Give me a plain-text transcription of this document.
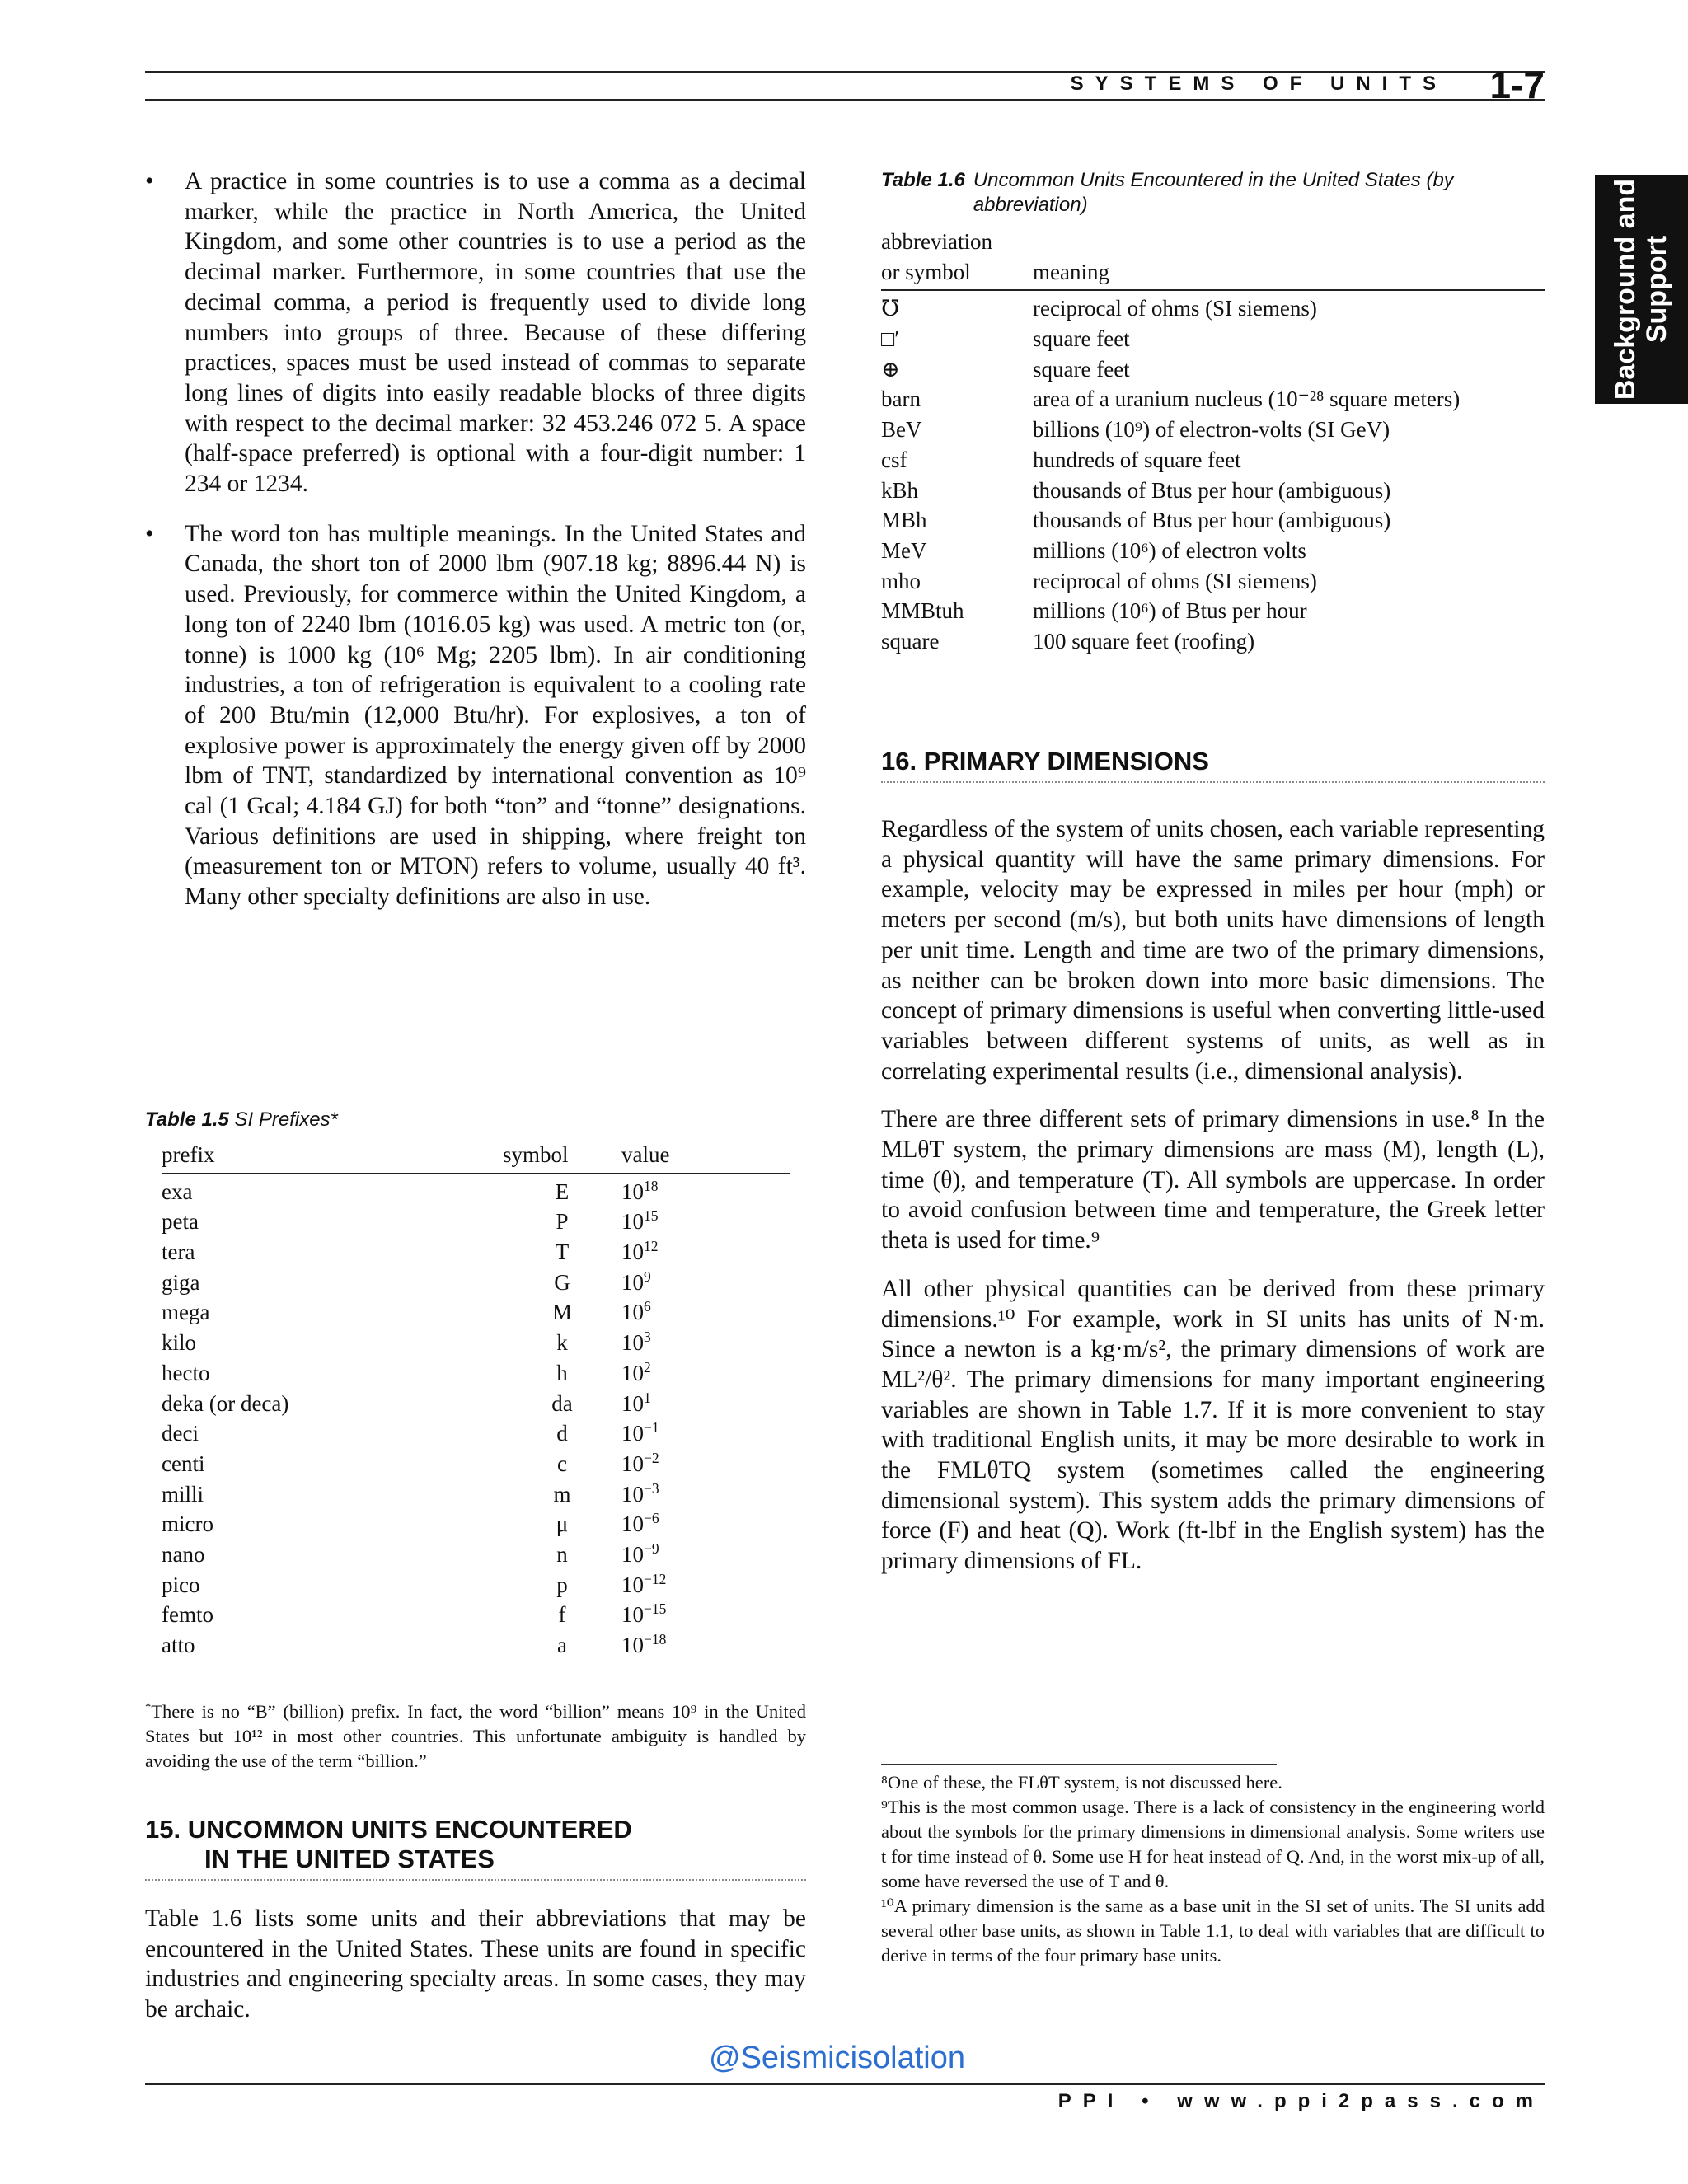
SYSTEMS OF UNITS 1-7
Background and Support
• A practice in some countries is to use a comma as a decimal marker, while the practice in North America, the United Kingdom, and some other countries is to use a period as the decimal marker. Furthermore, in some countries that use the decimal comma, a period is frequently used to divide long numbers into groups of three. Because of these differing practices, spaces must be used instead of commas to separate long lines of digits into easily readable blocks of three digits with respect to the decimal marker: 32 453.246 072 5. A space (half-space preferred) is optional with a four-digit number: 1 234 or 1234.
• The word ton has multiple meanings. In the United States and Canada, the short ton of 2000 lbm (907.18 kg; 8896.44 N) is used. Previously, for commerce within the United Kingdom, a long ton of 2240 lbm (1016.05 kg) was used. A metric ton (or, tonne) is 1000 kg (10⁶ Mg; 2205 lbm). In air conditioning industries, a ton of refrigeration is equivalent to a cooling rate of 200 Btu/min (12,000 Btu/hr). For explosives, a ton of explosive power is approximately the energy given off by 2000 lbm of TNT, standardized by international convention as 10⁹ cal (1 Gcal; 4.184 GJ) for both “ton” and “tonne” designations. Various definitions are used in shipping, where freight ton (measurement ton or MTON) refers to volume, usually 40 ft³. Many other specialty definitions are also in use.
Table 1.5 SI Prefixes*
prefix	symbol	value
exa	E	$10^{18}$
peta	P	$10^{15}$
tera	T	$10^{12}$
giga	G	$10^9$
mega	M	$10^6$
kilo	k	$10^3$
hecto	h	$10^2$
deka (or deca)	da	$10^1$
deci	d	$10^{-1}$
centi	c	$10^{-2}$
milli	m	$10^{-3}$
micro	μ	$10^{-6}$
nano	n	$10^{-9}$
pico	p	$10^{-12}$
femto	f	$10^{-15}$
atto	a	$10^{-18}$
*There is no “B” (billion) prefix. In fact, the word “billion” means 10⁹ in the United States but 10¹² in most other countries. This unfortunate ambiguity is handled by avoiding the use of the term “billion.”
15. UNCOMMON UNITS ENCOUNTERED
IN THE UNITED STATES

Table 1.6 lists some units and their abbreviations that may be encountered in the United States. These units are found in specific industries and engineering specialty areas. In some cases, they may be archaic.

Table 1.6 Uncommon Units Encountered in the United States (by abbreviation)
abbreviation	
or symbol	meaning
℧	reciprocal of ohms (SI siemens)
□′	square feet
⊕	square feet
barn	area of a uranium nucleus (10⁻²⁸ square meters)
BeV	billions (10⁹) of electron-volts (SI GeV)
csf	hundreds of square feet
kBh	thousands of Btus per hour (ambiguous)
MBh	thousands of Btus per hour (ambiguous)
MeV	millions (10⁶) of electron volts
mho	reciprocal of ohms (SI siemens)
MMBtuh	millions (10⁶) of Btus per hour
square	100 square feet (roofing)
16. PRIMARY DIMENSIONS

Regardless of the system of units chosen, each variable representing a physical quantity will have the same primary dimensions. For example, velocity may be expressed in miles per hour (mph) or meters per second (m/s), but both units have dimensions of length per unit time. Length and time are two of the primary dimensions, as neither can be broken down into more basic dimensions. The concept of primary dimensions is useful when converting little-used variables between different systems of units, as well as in correlating experimental results (i.e., dimensional analysis).

There are three different sets of primary dimensions in use.⁸ In the MLθT system, the primary dimensions are mass (M), length (L), time (θ), and temperature (T). All symbols are uppercase. In order to avoid confusion between time and temperature, the Greek letter theta is used for time.⁹

All other physical quantities can be derived from these primary dimensions.¹⁰ For example, work in SI units has units of N·m. Since a newton is a kg·m/s², the primary dimensions of work are ML²/θ². The primary dimensions for many important engineering variables are shown in Table 1.7. If it is more convenient to stay with traditional English units, it may be more desirable to work in the FMLθTQ system (sometimes called the engineering dimensional system). This system adds the primary dimensions of force (F) and heat (Q). Work (ft-lbf in the English system) has the primary dimensions of FL.

⁸One of these, the FLθT system, is not discussed here.

⁹This is the most common usage. There is a lack of consistency in the engineering world about the symbols for the primary dimensions in dimensional analysis. Some writers use t for time instead of θ. Some use H for heat instead of Q. And, in the worst mix-up of all, some have reversed the use of T and θ.

¹⁰A primary dimension is the same as a base unit in the SI set of units. The SI units add several other base units, as shown in Table 1.1, to deal with variables that are difficult to derive in terms of the four primary base units.

@Seismicisolation
PPI • www.ppi2pass.com
